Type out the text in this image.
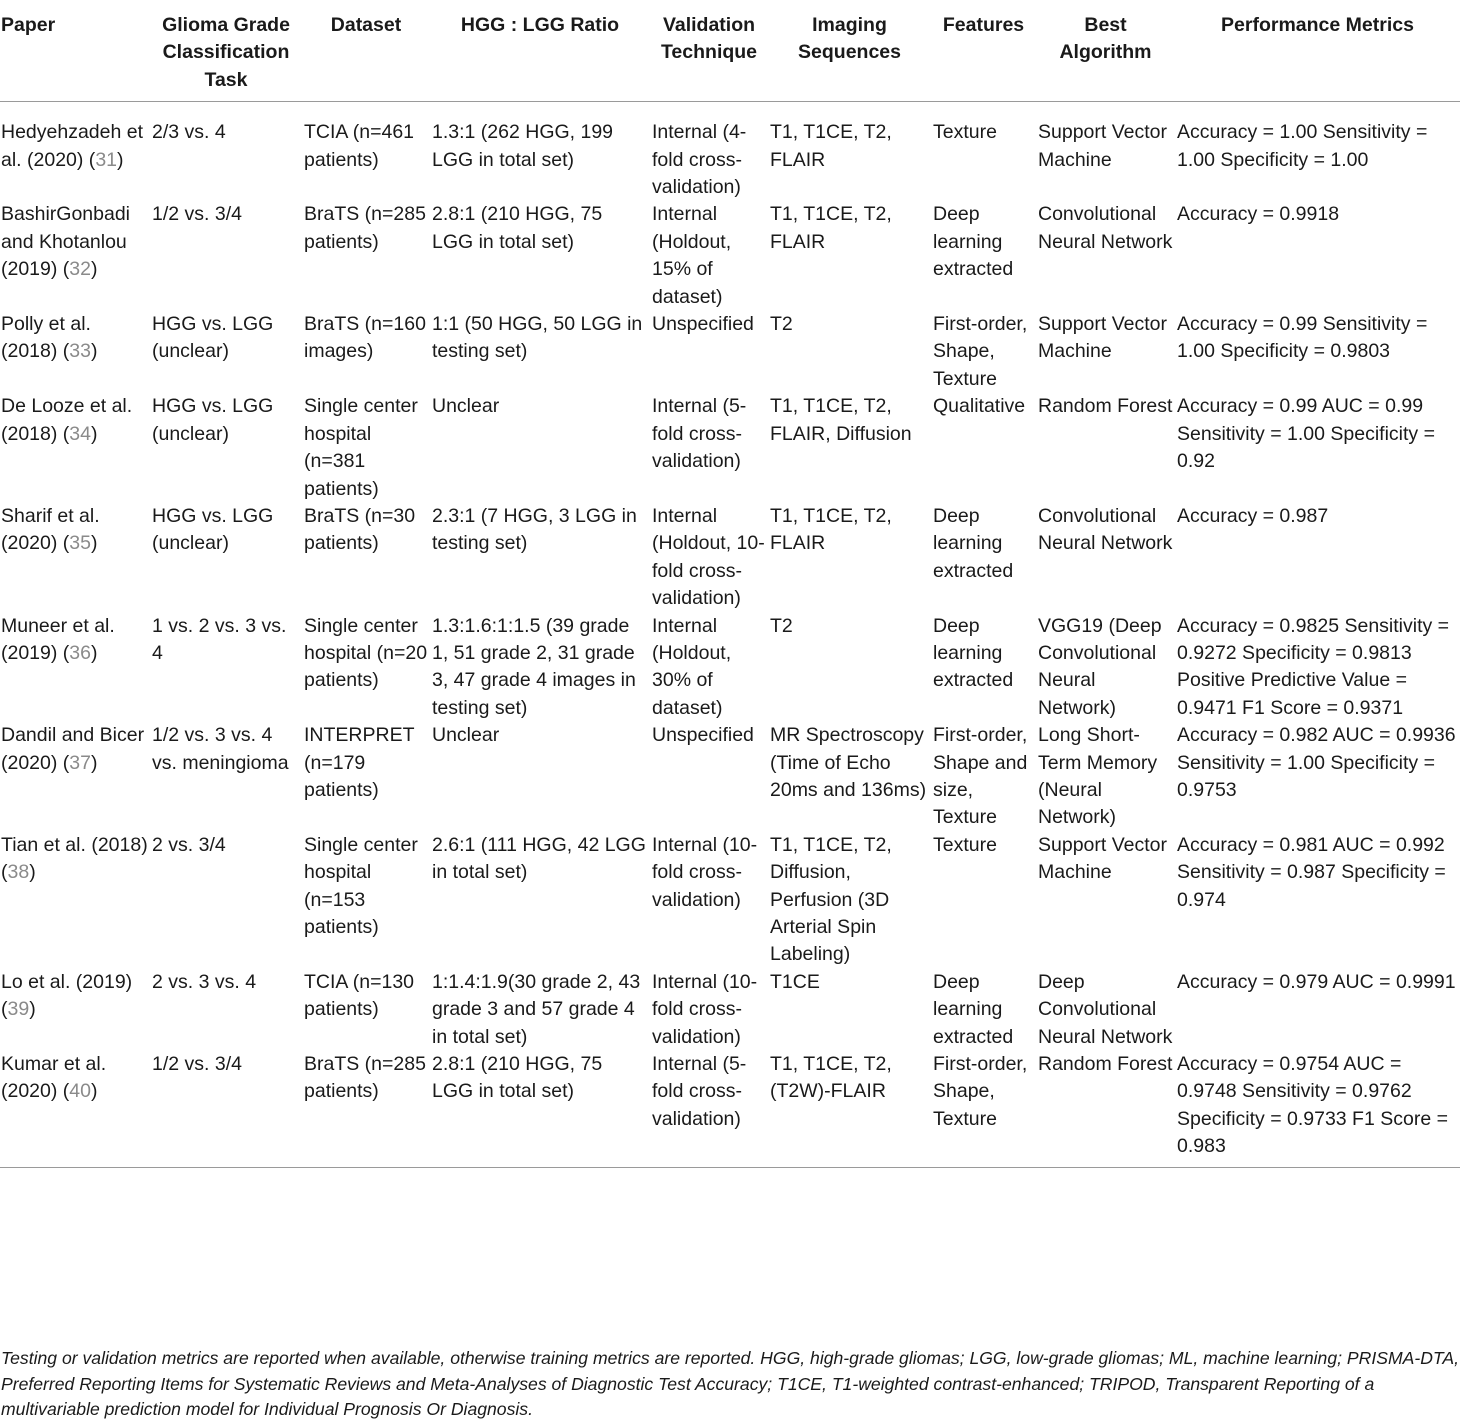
Paper	Glioma Grade Classification Task	Dataset	HGG : LGG Ratio	Validation Technique	Imaging Sequences	Features	Best Algorithm	Performance Metrics
Hedyehzadeh et al. (2020) (31)	2/3 vs. 4	TCIA (n=461 patients)	1.3:1 (262 HGG, 199 LGG in total set)	Internal (4-fold cross-validation)	T1, T1CE, T2, FLAIR	Texture	Support Vector Machine	Accuracy = 1.00 Sensitivity = 1.00 Specificity = 1.00
BashirGonbadi and Khotanlou (2019) (32)	1/2 vs. 3/4	BraTS (n=285 patients)	2.8:1 (210 HGG, 75 LGG in total set)	Internal (Holdout, 15% of dataset)	T1, T1CE, T2, FLAIR	Deep learning extracted	Convolutional Neural Network	Accuracy = 0.9918
Polly et al. (2018) (33)	HGG vs. LGG (unclear)	BraTS (n=160 images)	1:1 (50 HGG, 50 LGG in testing set)	Unspecified	T2	First-order, Shape, Texture	Support Vector Machine	Accuracy = 0.99 Sensitivity = 1.00 Specificity = 0.9803
De Looze et al. (2018) (34)	HGG vs. LGG (unclear)	Single center hospital (n=381 patients)	Unclear	Internal (5-fold cross-validation)	T1, T1CE, T2, FLAIR, Diffusion	Qualitative	Random Forest	Accuracy = 0.99 AUC = 0.99 Sensitivity = 1.00 Specificity = 0.92
Sharif et al. (2020) (35)	HGG vs. LGG (unclear)	BraTS (n=30 patients)	2.3:1 (7 HGG, 3 LGG in testing set)	Internal (Holdout, 10-fold cross-validation)	T1, T1CE, T2, FLAIR	Deep learning extracted	Convolutional Neural Network	Accuracy = 0.987
Muneer et al. (2019) (36)	1 vs. 2 vs. 3 vs. 4	Single center hospital (n=20 patients)	1.3:1.6:1:1.5 (39 grade 1, 51 grade 2, 31 grade 3, 47 grade 4 images in testing set)	Internal (Holdout, 30% of dataset)	T2	Deep learning extracted	VGG19 (Deep Convolutional Neural Network)	Accuracy = 0.9825 Sensitivity = 0.9272 Specificity = 0.9813 Positive Predictive Value = 0.9471 F1 Score = 0.9371
Dandil and Bicer (2020) (37)	1/2 vs. 3 vs. 4 vs. meningioma	INTERPRET (n=179 patients)	Unclear	Unspecified	MR Spectroscopy (Time of Echo 20ms and 136ms)	First-order, Shape and size, Texture	Long Short-Term Memory (Neural Network)	Accuracy = 0.982 AUC = 0.9936 Sensitivity = 1.00 Specificity = 0.9753
Tian et al. (2018) (38)	2 vs. 3/4	Single center hospital (n=153 patients)	2.6:1 (111 HGG, 42 LGG in total set)	Internal (10-fold cross-validation)	T1, T1CE, T2, Diffusion, Perfusion (3D Arterial Spin Labeling)	Texture	Support Vector Machine	Accuracy = 0.981 AUC = 0.992 Sensitivity = 0.987 Specificity = 0.974
Lo et al. (2019) (39)	2 vs. 3 vs. 4	TCIA (n=130 patients)	1:1.4:1.9(30 grade 2, 43 grade 3 and 57 grade 4 in total set)	Internal (10-fold cross-validation)	T1CE	Deep learning extracted	Deep Convolutional Neural Network	Accuracy = 0.979 AUC = 0.9991
Kumar et al. (2020) (40)	1/2 vs. 3/4	BraTS (n=285 patients)	2.8:1 (210 HGG, 75 LGG in total set)	Internal (5-fold cross-validation)	T1, T1CE, T2, (T2W)-FLAIR	First-order, Shape, Texture	Random Forest	Accuracy = 0.9754 AUC = 0.9748 Sensitivity = 0.9762 Specificity = 0.9733 F1 Score = 0.983
Testing or validation metrics are reported when available, otherwise training metrics are reported. HGG, high-grade gliomas; LGG, low-grade gliomas; ML, machine learning; PRISMA-DTA, Preferred Reporting Items for Systematic Reviews and Meta-Analyses of Diagnostic Test Accuracy; T1CE, T1-weighted contrast-enhanced; TRIPOD, Transparent Reporting of a multivariable prediction model for Individual Prognosis Or Diagnosis.
